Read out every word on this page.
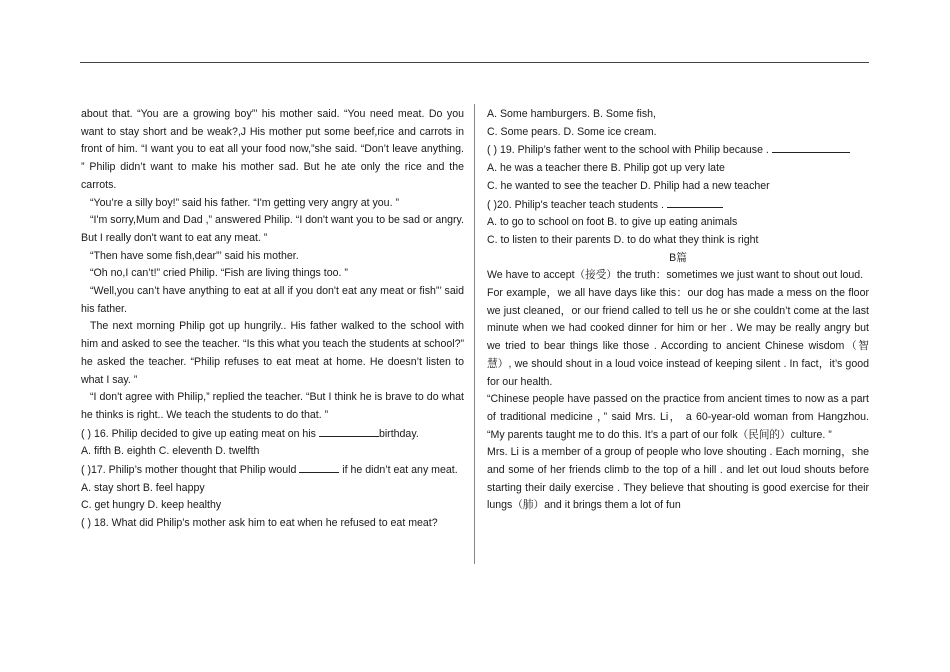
about that. “You are a growing boy”’ his mother said. “You need meat. Do you want to stay short and be weak?,J His mother put some beef,rice and carrots in front of him. “I want you to eat all your food now,”she said. “Don’t leave anything. ” Philip didn’t want to make his mother sad. But he ate only the rice and the carrots.

“You’re a silly boy!” said his father. “I'm getting very angry at you. ”

“I'm sorry,Mum and Dad ,” answered Philip. “I don't want you to be sad or angry. But I really don't want to eat any meat. ”

“Then have some fish,dear”’ said his mother.

“Oh no,I can’t!” cried Philip. “Fish are living things too. ”

“Well,you can’t have anything to eat at all if you don't eat any meat or fish”’ said his father.

The next morning Philip got up hungrily.. His father walked to the school with him and asked to see the teacher. “Is this what you teach the students at school?” he asked the teacher. “Philip refuses to eat meat at home. He doesn’t listen to what I say. ”

“I don't agree with Philip,” replied the teacher. “But I think he is brave to do what he thinks is right.. We teach the students to do that. ”

( ) 16. Philip decided to give up eating meat on his	birthday.

A. fifth B. eighth C. eleventh D. twelfth

( )17. Philip’s mother thought that Philip would	if he didn’t eat any meat.

A. stay short B. feel happy

C. get hungry D. keep healthy

( ) 18. What did Philip’s mother ask him to eat when he refused to eat meat?

A. Some hamburgers. B. Some fish,

C. Some pears. D. Some ice cream.

( ) 19. Philip’s father went to the school with Philip because .

A. he was a teacher there B. Philip got up very late

C. he wanted to see the teacher D. Philip had a new teacher

( )20. Philip's teacher teach students .

A. to go to school on foot B. to give up eating animals

C. to listen to their parents D. to do what they think is right

B篇

We have to accept（接受）the truth：sometimes we just want to shout out loud.

For example，we all have days like this：our dog has made a mess on the floor we just cleaned，or our friend called to tell us he or she couldn’t come at the last minute when we had cooked dinner for him or her . We may be really angry but we tried to bear things like those . According to ancient Chinese wisdom（智慧）, we should shout in a loud voice instead of keeping silent . In fact，it’s good for our health.

“Chinese people have passed on the practice from ancient times to now as a part of traditional medicine ，” said Mrs. Li， a 60-year-old woman from Hangzhou. “My parents taught me to do this. It’s a part of our folk（民间的）culture. ”

Mrs. Li is a member of a group of people who love shouting . Each morning，she and some of her friends climb to the top of a hill . and let out loud shouts before starting their daily exercise . They believe that shouting is good exercise for their lungs（肺）and it brings them a lot of fun
